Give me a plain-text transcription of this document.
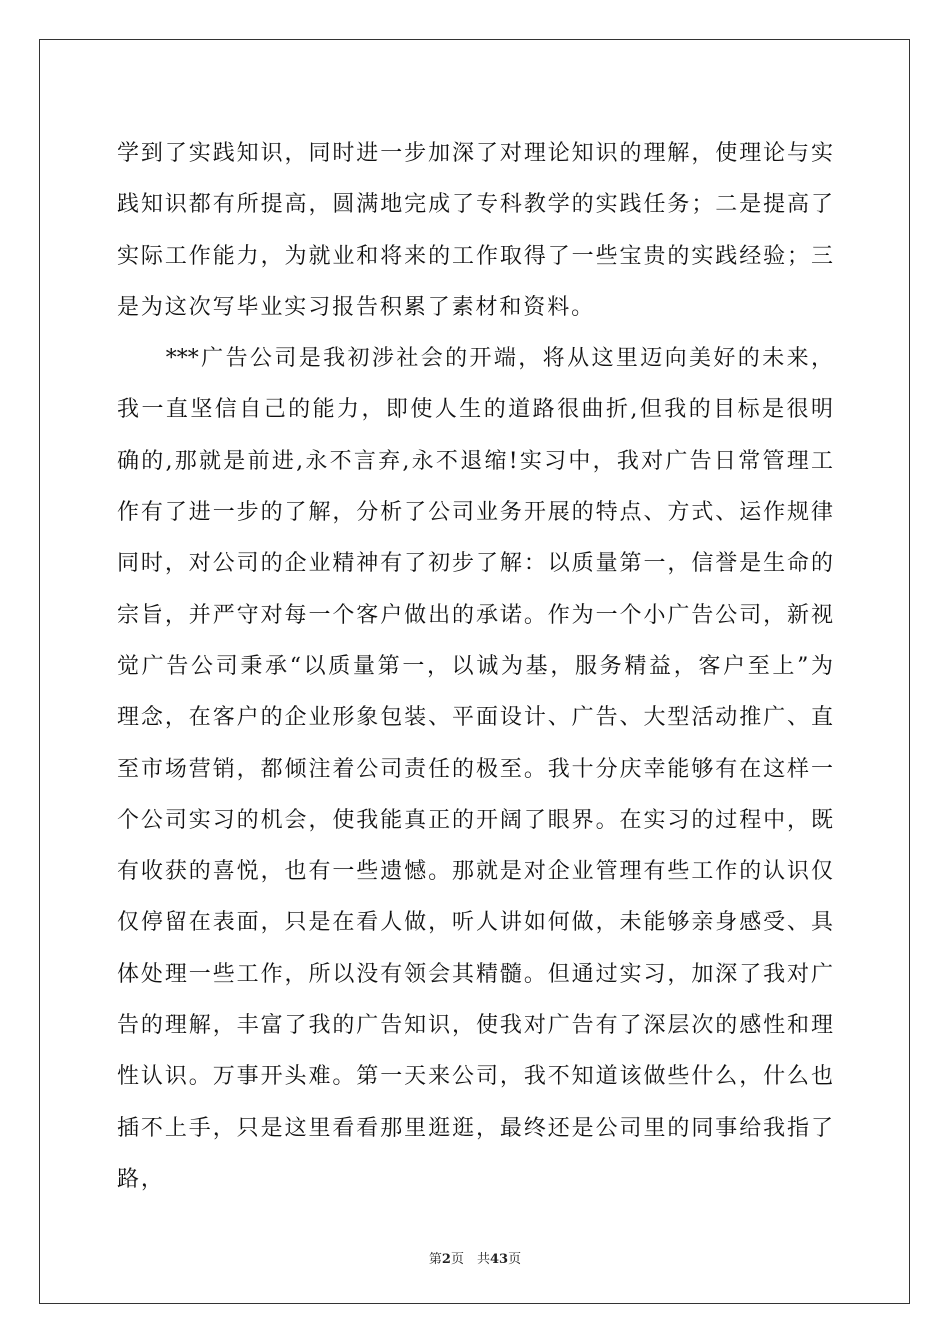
学到了实践知识，同时进一步加深了对理论知识的理解，使理论与实
践知识都有所提高，圆满地完成了专科教学的实践任务；二是提高了
实际工作能力，为就业和将来的工作取得了一些宝贵的实践经验；三
是为这次写毕业实习报告积累了素材和资料。
　　***广告公司是我初涉社会的开端，将从这里迈向美好的未来，
我一直坚信自己的能力，即使人生的道路很曲折,但我的目标是很明
确的,那就是前进,永不言弃,永不退缩!实习中，我对广告日常管理工
作有了进一步的了解，分析了公司业务开展的特点、方式、运作规律
同时，对公司的企业精神有了初步了解：以质量第一，信誉是生命的
宗旨，并严守对每一个客户做出的承诺。作为一个小广告公司，新视
觉广告公司秉承“以质量第一，以诚为基，服务精益，客户至上”为
理念，在客户的企业形象包装、平面设计、广告、大型活动推广、直
至市场营销，都倾注着公司责任的极至。我十分庆幸能够有在这样一
个公司实习的机会，使我能真正的开阔了眼界。在实习的过程中，既
有收获的喜悦，也有一些遗憾。那就是对企业管理有些工作的认识仅
仅停留在表面，只是在看人做，听人讲如何做，未能够亲身感受、具
体处理一些工作，所以没有领会其精髓。但通过实习，加深了我对广
告的理解，丰富了我的广告知识，使我对广告有了深层次的感性和理
性认识。万事开头难。第一天来公司，我不知道该做些什么，什么也
插不上手，只是这里看看那里逛逛，最终还是公司里的同事给我指了
路，
第2页　共43页
